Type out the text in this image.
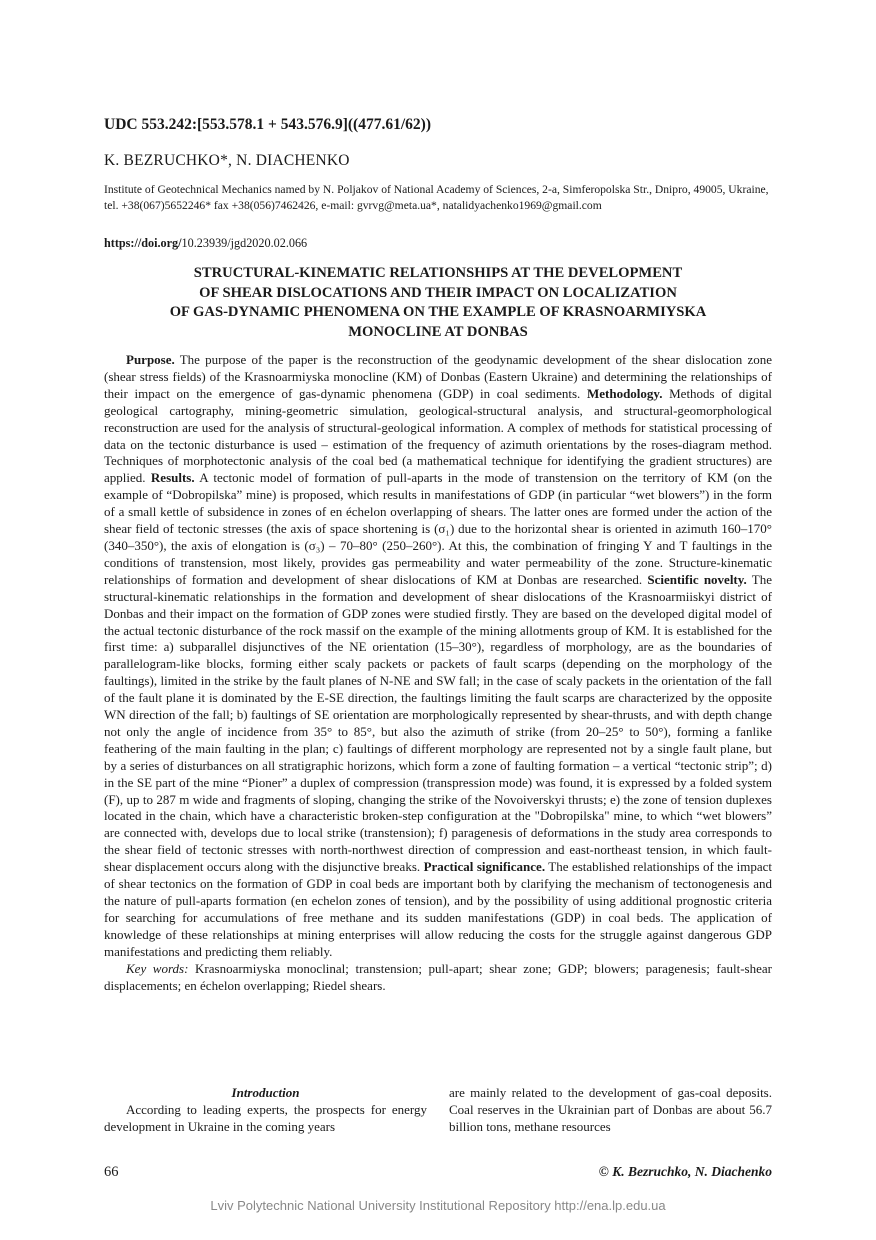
UDC 553.242:[553.578.1 + 543.576.9]((477.61/62))
K. BEZRUCHKO*, N. DIACHENKO
Institute of Geotechnical Mechanics named by N. Poljakov of National Academy of Sciences, 2-a, Simferopolska Str., Dnipro, 49005, Ukraine, tel. +38(067)5652246* fax +38(056)7462426, e-mail: gvrvg@meta.ua*, natalidyachenko1969@gmail.com
https://doi.org/10.23939/jgd2020.02.066
STRUCTURAL-KINEMATIC RELATIONSHIPS AT THE DEVELOPMENT
OF SHEAR DISLOCATIONS AND THEIR IMPACT ON LOCALIZATION
OF GAS-DYNAMIC PHENOMENA ON THE EXAMPLE OF KRASNOARMIYSKA
MONOCLINE AT DONBAS

Purpose. The purpose of the paper is the reconstruction of the geodynamic development of the shear dislocation zone (shear stress fields) of the Krasnoarmiyska monocline (KM) of Donbas (Eastern Ukraine) and determining the relationships of their impact on the emergence of gas-dynamic phenomena (GDP) in coal sediments. Methodology. Methods of digital geological cartography, mining-geometric simulation, geological-structural analysis, and structural-geomorphological reconstruction are used for the analysis of structural-geological information. A complex of methods for statistical processing of data on the tectonic disturbance is used – estimation of the frequency of azimuth orientations by the roses-diagram method. Techniques of morphotectonic analysis of the coal bed (a mathematical technique for identifying the gradient structures) are applied. Results. A tectonic model of formation of pull-aparts in the mode of transtension on the territory of KM (on the example of “Dobropilska” mine) is proposed, which results in manifestations of GDP (in particular “wet blowers”) in the form of a small kettle of subsidence in zones of en échelon overlapping of shears. The latter ones are formed under the action of the shear field of tectonic stresses (the axis of space shortening is (σ₁) due to the horizontal shear is oriented in azimuth 160–170° (340–350°), the axis of elongation is (σ₃) – 70–80° (250–260°). At this, the combination of fringing Y and T faultings in the conditions of transtension, most likely, provides gas permeability and water permeability of the zone. Structure-kinematic relationships of formation and development of shear dislocations of KM at Donbas are researched. Scientific novelty. The structural-kinematic relationships in the formation and development of shear dislocations of the Krasnoarmiiskyi district of Donbas and their impact on the formation of GDP zones were studied firstly. They are based on the developed digital model of the actual tectonic disturbance of the rock massif on the example of the mining allotments group of KM. It is established for the first time: a) subparallel disjunctives of the NE orientation (15–30°), regardless of morphology, are as the boundaries of parallelogram-like blocks, forming either scaly packets or packets of fault scarps (depending on the morphology of the faultings), limited in the strike by the fault planes of N-NE and SW fall; in the case of scaly packets in the orientation of the fall of the fault plane it is dominated by the E-SE direction, the faultings limiting the fault scarps are characterized by the opposite WN direction of the fall; b) faultings of SE orientation are morphologically represented by shear-thrusts, and with depth change not only the angle of incidence from 35° to 85°, but also the azimuth of strike (from 20–25° to 50°), forming a fanlike feathering of the main faulting in the plan; c) faultings of different morphology are represented not by a single fault plane, but by a series of disturbances on all stratigraphic horizons, which form a zone of faulting formation – a vertical “tectonic strip”; d) in the SE part of the mine “Pioner” a duplex of compression (transpression mode) was found, it is expressed by a folded system (F), up to 287 m wide and fragments of sloping, changing the strike of the Novoiverskyi thrusts; e) the zone of tension duplexes located in the chain, which have a characteristic broken-step configuration at the "Dobropilska" mine, to which “wet blowers” are connected with, develops due to local strike (transtension); f) paragenesis of deformations in the study area corresponds to the shear field of tectonic stresses with north-northwest direction of compression and east-northeast tension, in which fault-shear displacement occurs along with the disjunctive breaks. Practical significance. The established relationships of the impact of shear tectonics on the formation of GDP in coal beds are important both by clarifying the mechanism of tectonogenesis and the nature of pull-aparts formation (en echelon zones of tension), and by the possibility of using additional prognostic criteria for searching for accumulations of free methane and its sudden manifestations (GDP) in coal beds. The application of knowledge of these relationships at mining enterprises will allow reducing the costs for the struggle against dangerous GDP manifestations and predicting them reliably.

Key words: Krasnoarmiyska monoclinal; transtension; pull-apart; shear zone; GDP; blowers; paragenesis; fault-shear displacements; en échelon overlapping; Riedel shears.

Introduction

According to leading experts, the prospects for energy development in Ukraine in the coming years

are mainly related to the development of gas-coal deposits. Coal reserves in the Ukrainian part of Donbas are about 56.7 billion tons, methane resources

66	© K. Bezruchko, N. Diachenko
Lviv Polytechnic National University Institutional Repository http://ena.lp.edu.ua
